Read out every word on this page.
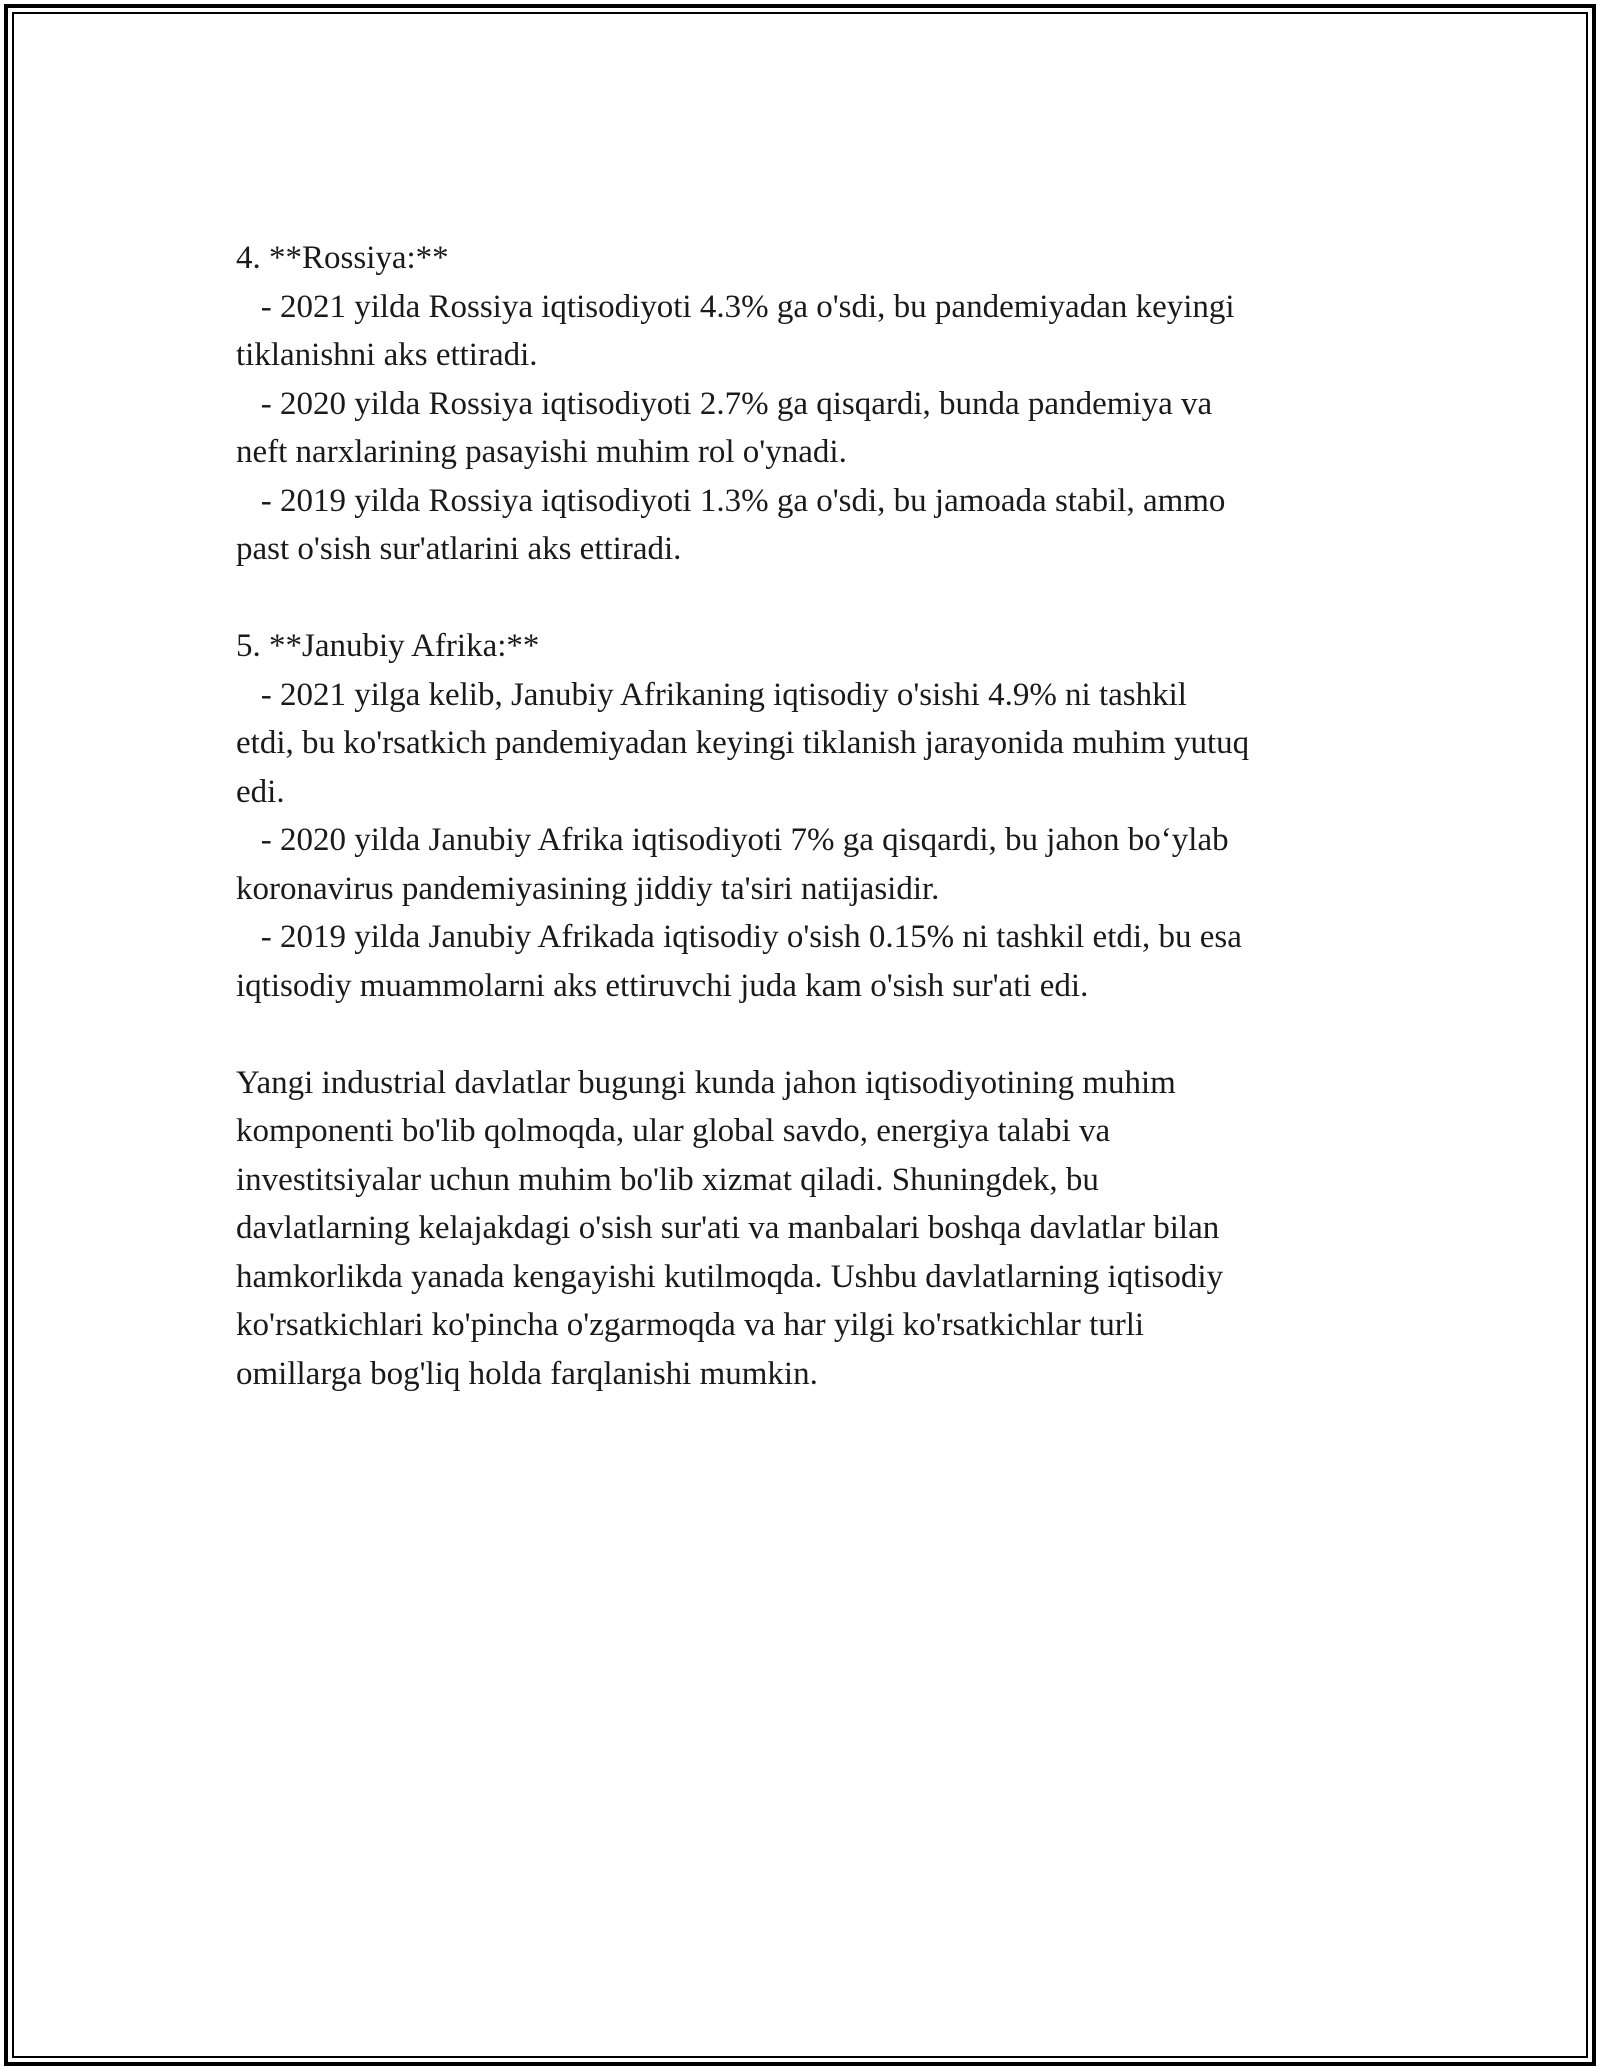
4. **Rossiya:**
- 2021 yilda Rossiya iqtisodiyoti 4.3% ga o'sdi, bu pandemiyadan keyingi
tiklanishni aks ettiradi.
- 2020 yilda Rossiya iqtisodiyoti 2.7% ga qisqardi, bunda pandemiya va
neft narxlarining pasayishi muhim rol o'ynadi.
- 2019 yilda Rossiya iqtisodiyoti 1.3% ga o'sdi, bu jamoada stabil, ammo
past o'sish sur'atlarini aks ettiradi.
5. **Janubiy Afrika:**
- 2021 yilga kelib, Janubiy Afrikaning iqtisodiy o'sishi 4.9% ni tashkil
etdi, bu ko'rsatkich pandemiyadan keyingi tiklanish jarayonida muhim yutuq
edi.
- 2020 yilda Janubiy Afrika iqtisodiyoti 7% ga qisqardi, bu jahon bo‘ylab
koronavirus pandemiyasining jiddiy ta'siri natijasidir.
- 2019 yilda Janubiy Afrikada iqtisodiy o'sish 0.15% ni tashkil etdi, bu esa
iqtisodiy muammolarni aks ettiruvchi juda kam o'sish sur'ati edi.
Yangi industrial davlatlar bugungi kunda jahon iqtisodiyotining muhim
komponenti bo'lib qolmoqda, ular global savdo, energiya talabi va
investitsiyalar uchun muhim bo'lib xizmat qiladi. Shuningdek, bu
davlatlarning kelajakdagi o'sish sur'ati va manbalari boshqa davlatlar bilan
hamkorlikda yanada kengayishi kutilmoqda. Ushbu davlatlarning iqtisodiy
ko'rsatkichlari ko'pincha o'zgarmoqda va har yilgi ko'rsatkichlar turli
omillarga bog'liq holda farqlanishi mumkin.
